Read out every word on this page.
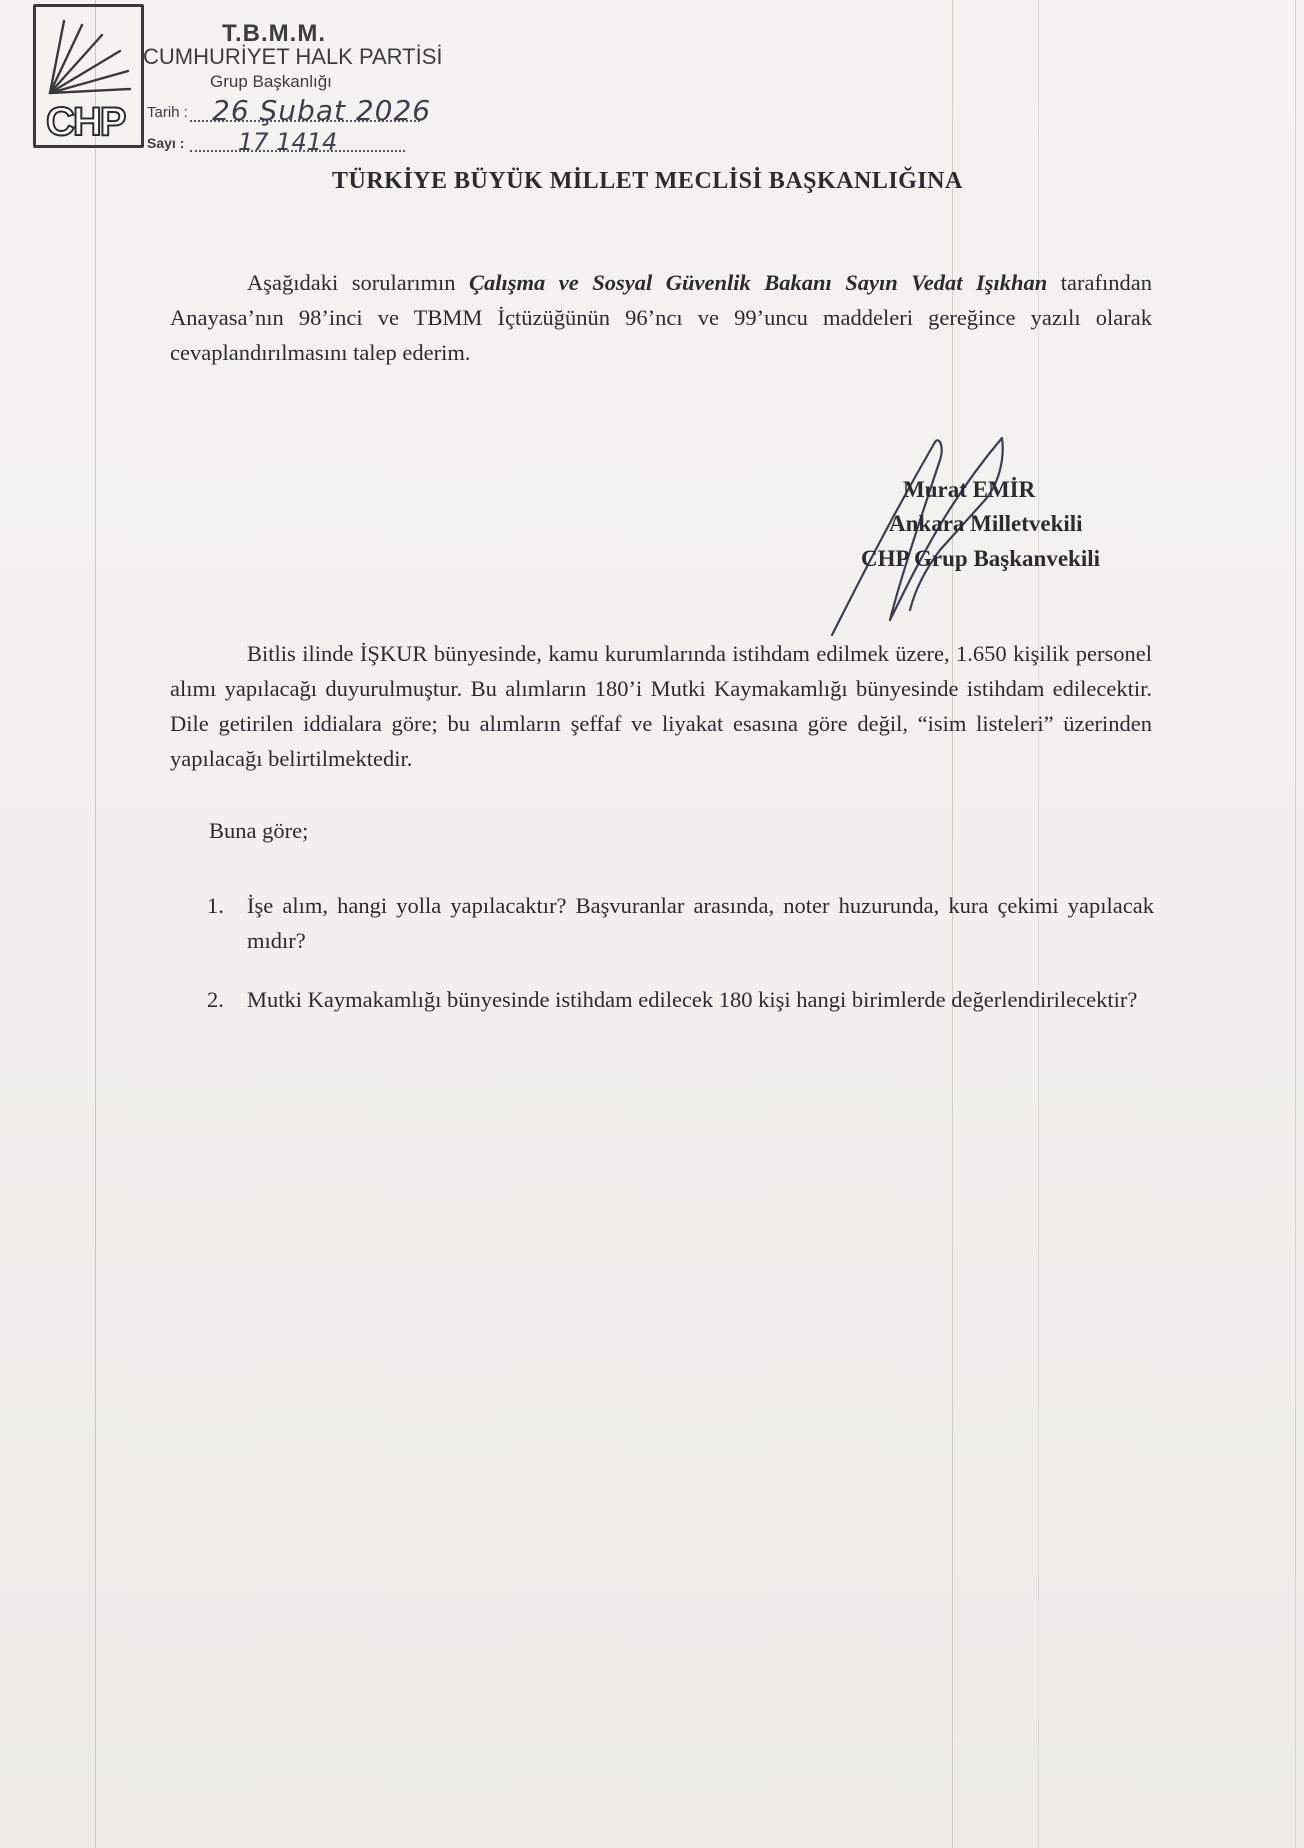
CHP
T.B.M.M.
CUMHURİYET HALK PARTİSİ
Grup Başkanlığı
Tarih : 26 Şubat 2026
Sayı : 17 1414
TÜRKİYE BÜYÜK MİLLET MECLİSİ BAŞKANLIĞINA
Aşağıdaki sorularımın Çalışma ve Sosyal Güvenlik Bakanı Sayın Vedat Işıkhan tarafından Anayasa’nın 98’inci ve TBMM İçtüzüğünün 96’ncı ve 99’uncu maddeleri gereğince yazılı olarak cevaplandırılmasını talep ederim.
Murat EMİR
Ankara Milletvekili
CHP Grup Başkanvekili
Bitlis ilinde İŞKUR bünyesinde, kamu kurumlarında istihdam edilmek üzere, 1.650 kişilik personel alımı yapılacağı duyurulmuştur. Bu alımların 180’i Mutki Kaymakamlığı bünyesinde istihdam edilecektir. Dile getirilen iddialara göre; bu alımların şeffaf ve liyakat esasına göre değil, “isim listeleri” üzerinden yapılacağı belirtilmektedir.
Buna göre;
1. İşe alım, hangi yolla yapılacaktır? Başvuranlar arasında, noter huzurunda, kura çekimi yapılacak mıdır?
2. Mutki Kaymakamlığı bünyesinde istihdam edilecek 180 kişi hangi birimlerde değerlendirilecektir?
